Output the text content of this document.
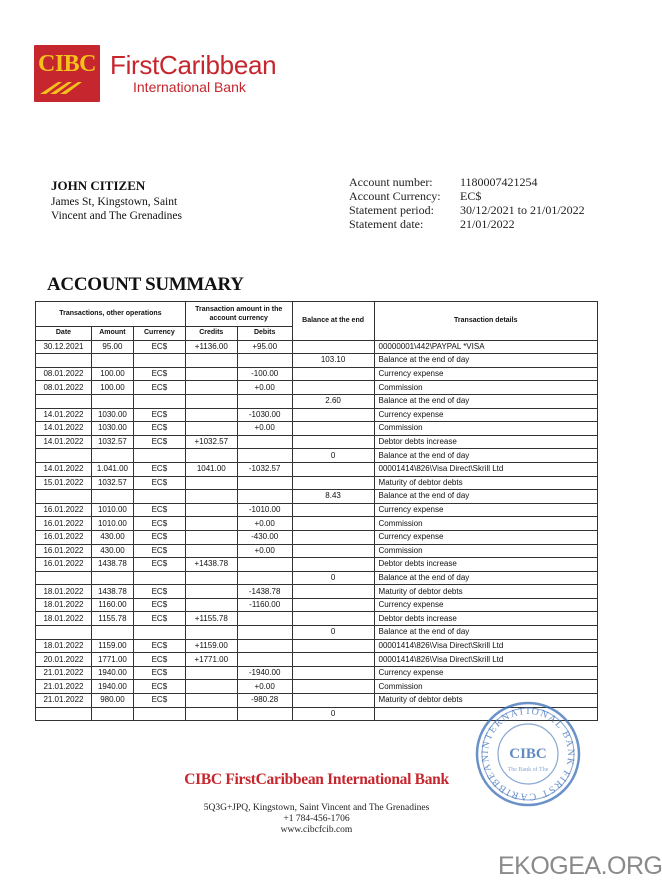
CIBC FirstCaribbean
International Bank
JOHN CITIZEN
James St, Kingstown, Saint
Vincent and The Grenadines
Account number:	1180007421254
Account Currency:	EC$
Statement period:	30/12/2021 to 21/01/2022
Statement date:	21/01/2022
ACCOUNT SUMMARY
Transactions, other operations			Transaction amount in the account currency		Balance at the end	Transaction details
Date	Amount	Currency	Credits	Debits		
30.12.2021	95.00	EC$	+1136.00	+95.00		00000001\442\PAYPAL *VISA
					103.10	Balance at the end of day
08.01.2022	100.00	EC$		-100.00		Currency expense
08.01.2022	100.00	EC$		+0.00		Commission
					2.60	Balance at the end of day
14.01.2022	1030.00	EC$		-1030.00		Currency expense
14.01.2022	1030.00	EC$		+0.00		Commission
14.01.2022	1032.57	EC$	+1032.57			Debtor debts increase
					0	Balance at the end of day
14.01.2022	1.041.00	EC$	1041.00	-1032.57		00001414\826\Visa Direct\Skrill Ltd
15.01.2022	1032.57	EC$				Maturity of debtor debts
					8.43	Balance at the end of day
16.01.2022	1010.00	EC$		-1010.00		Currency expense
16.01.2022	1010.00	EC$		+0.00		Commission
16.01.2022	430.00	EC$		-430.00		Currency expense
16.01.2022	430.00	EC$		+0.00		Commission
16.01.2022	1438.78	EC$	+1438.78			Debtor debts increase
					0	Balance at the end of day
18.01.2022	1438.78	EC$		-1438.78		Maturity of debtor debts
18.01.2022	1160.00	EC$		-1160.00		Currency expense
18.01.2022	1155.78	EC$	+1155.78			Debtor debts increase
					0	Balance at the end of day
18.01.2022	1159.00	EC$	+1159.00			00001414\826\Visa Direct\Skrill Ltd
20.01.2022	1771.00	EC$	+1771.00			00001414\826\Visa Direct\Skrill Ltd
21.01.2022	1940.00	EC$		-1940.00		Currency expense
21.01.2022	1940.00	EC$		+0.00		Commission
21.01.2022	980.00	EC$		-980.28		Maturity of debtor debts
					0	
INTERNATIONAL BANK FIRST CARIBBEAN	CIBC
The Bank of The
CIBC FirstCaribbean International Bank
5Q3G+JPQ, Kingstown, Saint Vincent and The Grenadines
+1 784-456-1706
www.cibcfcib.com
EKOGEA.ORG
